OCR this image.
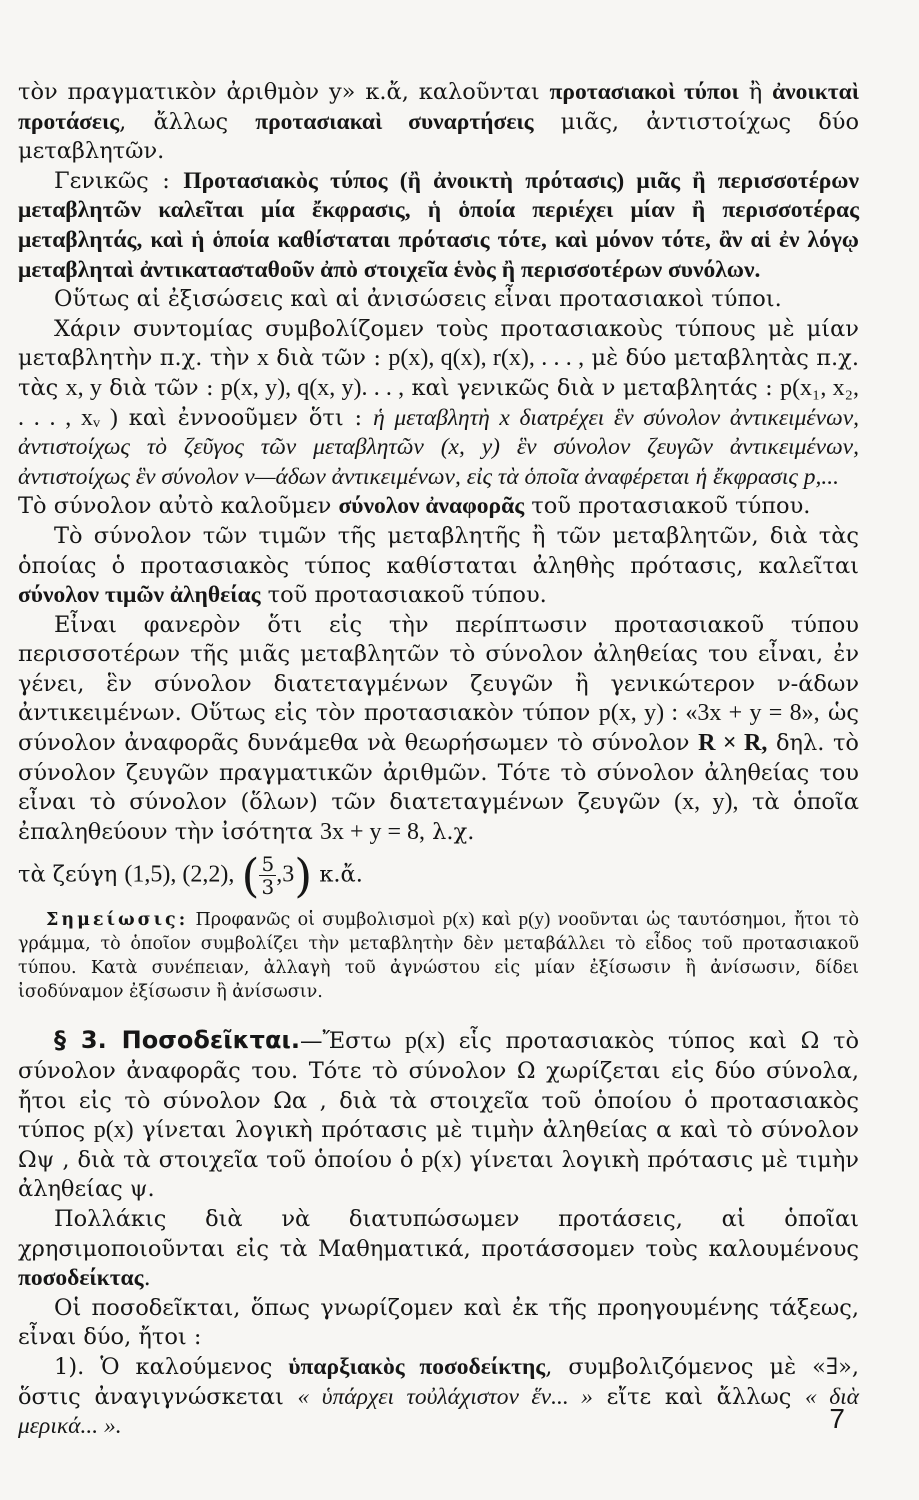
τὸν πραγματικὸν ἀριθμὸν y» κ.ἄ, καλοῦνται προτασιακοὶ τύποι ἢ ἀνοικταὶ προτάσεις, ἄλλως προτασιακαὶ συναρτήσεις μιᾶς, ἀντιστοίχως δύο μεταβλητῶν.

Γενικῶς : Προτασιακὸς τύπος (ἢ ἀνοικτὴ πρότασις) μιᾶς ἢ περισσοτέρων μεταβλητῶν καλεῖται μία ἔκφρασις, ἡ ὁποία περιέχει μίαν ἢ περισσοτέρας μεταβλητάς, καὶ ἡ ὁποία καθίσταται πρότασις τότε, καὶ μόνον τότε, ἂν αἱ ἐν λόγῳ μεταβληταὶ ἀντικατασταθοῦν ἀπὸ στοιχεῖα ἑνὸς ἢ περισσοτέρων συνόλων.

Οὕτως αἱ ἐξισώσεις καὶ αἱ ἀνισώσεις εἶναι προτασιακοὶ τύποι.

Χάριν συντομίας συμβολίζομεν τοὺς προτασιακοὺς τύπους μὲ μίαν μεταβλητὴν π.χ. τὴν x διὰ τῶν : p(x), q(x), r(x), . . . , μὲ δύο μεταβλητὰς π.χ. τὰς x, y διὰ τῶν : p(x, y), q(x, y). . . , καὶ γενικῶς διὰ ν μεταβλητάς : p(x₁, x₂, . . . , xᵥ ) καὶ ἐννοοῦμεν ὅτι : ἡ μεταβλητὴ x διατρέχει ἓν σύνολον ἀντικειμένων, ἀντιστοίχως τὸ ζεῦγος τῶν μεταβλητῶν (x, y) ἓν σύνολον ζευγῶν ἀντικειμένων, ἀντιστοίχως ἓν σύνολον ν—άδων ἀντικειμένων, εἰς τὰ ὁποῖα ἀναφέρεται ἡ ἔκφρασις p,...

Τὸ σύνολον αὐτὸ καλοῦμεν σύνολον ἀναφορᾶς τοῦ προτασιακοῦ τύπου.

Τὸ σύνολον τῶν τιμῶν τῆς μεταβλητῆς ἢ τῶν μεταβλητῶν, διὰ τὰς ὁποίας ὁ προτασιακὸς τύπος καθίσταται ἀληθὴς πρότασις, καλεῖται σύνολον τιμῶν ἀληθείας τοῦ προτασιακοῦ τύπου.

Εἶναι φανερὸν ὅτι εἰς τὴν περίπτωσιν προτασιακοῦ τύπου περισσοτέρων τῆς μιᾶς μεταβλητῶν τὸ σύνολον ἀληθείας του εἶναι, ἐν γένει, ἓν σύνολον διατεταγμένων ζευγῶν ἢ γενικώτερον ν-άδων ἀντικειμένων. Οὕτως εἰς τὸν προτασιακὸν τύπον p(x, y) : «3x + y = 8», ὡς σύνολον ἀναφορᾶς δυνάμεθα νὰ θεωρήσωμεν τὸ σύνολον R × R, δηλ. τὸ σύνολον ζευγῶν πραγματικῶν ἀριθμῶν. Τότε τὸ σύνολον ἀληθείας του εἶναι τὸ σύνολον (ὅλων) τῶν διατεταγμένων ζευγῶν (x, y), τὰ ὁποῖα ἐπαληθεύουν τὴν ἰσότητα 3x + y = 8, λ.χ.

τὰ ζεύγη (1,5), (2,2), ( $\frac{5}{3} ,3$) κ.ἄ.

Σημείωσις: Προφανῶς οἱ συμβολισμοὶ p(x) καὶ p(y) νοοῦνται ὡς ταυτόσημοι, ἤτοι τὸ γράμμα, τὸ ὁποῖον συμβολίζει τὴν μεταβλητὴν δὲν μεταβάλλει τὸ εἶδος τοῦ προτασιακοῦ τύπου. Κατὰ συνέπειαν, ἀλλαγὴ τοῦ ἀγνώστου εἰς μίαν ἐξίσωσιν ἢ ἀνίσωσιν, δίδει ἰσοδύναμον ἐξίσωσιν ἢ ἀνίσωσιν.

§ 3. Ποσοδεῖκται.—Ἔστω p(x) εἷς προτασιακὸς τύπος καὶ Ω τὸ σύνολον ἀναφορᾶς του. Τότε τὸ σύνολον Ω χωρίζεται εἰς δύο σύνολα, ἤτοι εἰς τὸ σύνολον Ωα , διὰ τὰ στοιχεῖα τοῦ ὁποίου ὁ προτασιακὸς τύπος p(x) γίνεται λογικὴ πρότασις μὲ τιμὴν ἀληθείας α καὶ τὸ σύνολον Ωψ , διὰ τὰ στοιχεῖα τοῦ ὁποίου ὁ p(x) γίνεται λογικὴ πρότασις μὲ τιμὴν ἀληθείας ψ.

Πολλάκις διὰ νὰ διατυπώσωμεν προτάσεις, αἱ ὁποῖαι χρησιμοποιοῦνται εἰς τὰ Μαθηματικά, προτάσσομεν τοὺς καλουμένους ποσοδείκτας.

Οἱ ποσοδεῖκται, ὅπως γνωρίζομεν καὶ ἐκ τῆς προηγουμένης τάξεως, εἶναι δύο, ἤτοι :

1). Ὁ καλούμενος ὑπαρξιακὸς ποσοδείκτης, συμβολιζόμενος μὲ «∃», ὅστις ἀναγιγνώσκεται « ὑπάρχει τοὐλάχιστον ἕν... » εἴτε καὶ ἄλλως « διὰ μερικά... ».	7
